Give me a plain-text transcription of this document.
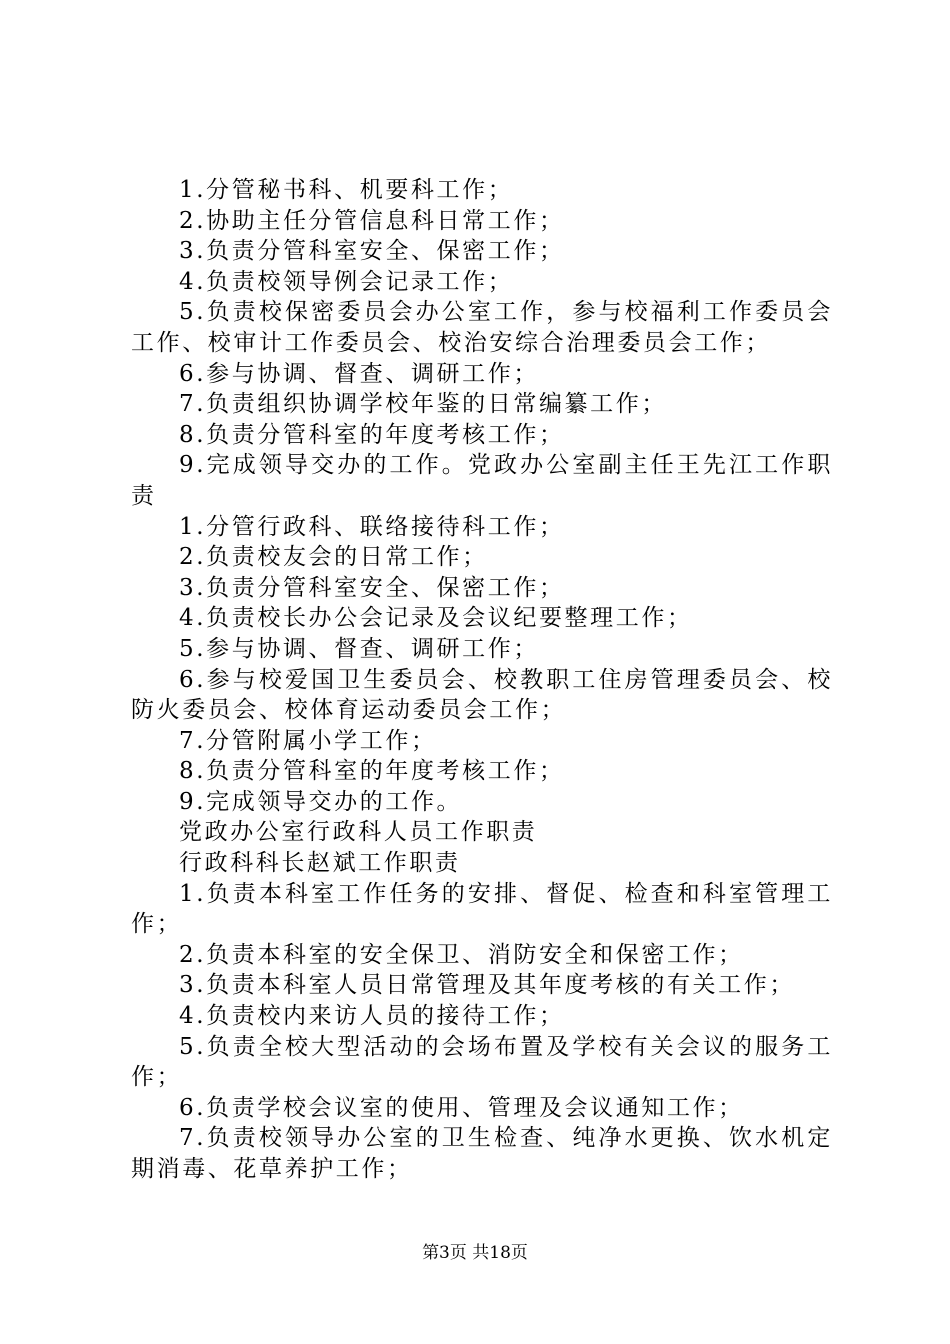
1.分管秘书科、机要科工作；

2.协助主任分管信息科日常工作；

3.负责分管科室安全、保密工作；

4.负责校领导例会记录工作；

5.负责校保密委员会办公室工作，参与校福利工作委员会工作、校审计工作委员会、校治安综合治理委员会工作；

6.参与协调、督查、调研工作；

7.负责组织协调学校年鉴的日常编纂工作；

8.负责分管科室的年度考核工作；

9.完成领导交办的工作。党政办公室副主任王先江工作职责

1.分管行政科、联络接待科工作；

2.负责校友会的日常工作；

3.负责分管科室安全、保密工作；

4.负责校长办公会记录及会议纪要整理工作；

5.参与协调、督查、调研工作；

6.参与校爱国卫生委员会、校教职工住房管理委员会、校防火委员会、校体育运动委员会工作；

7.分管附属小学工作；

8.负责分管科室的年度考核工作；

9.完成领导交办的工作。

党政办公室行政科人员工作职责

行政科科长赵斌工作职责

1.负责本科室工作任务的安排、督促、检查和科室管理工作；

2.负责本科室的安全保卫、消防安全和保密工作；

3.负责本科室人员日常管理及其年度考核的有关工作；

4.负责校内来访人员的接待工作；

5.负责全校大型活动的会场布置及学校有关会议的服务工作；

6.负责学校会议室的使用、管理及会议通知工作；

7.负责校领导办公室的卫生检查、纯净水更换、饮水机定期消毒、花草养护工作；

第3页 共18页
